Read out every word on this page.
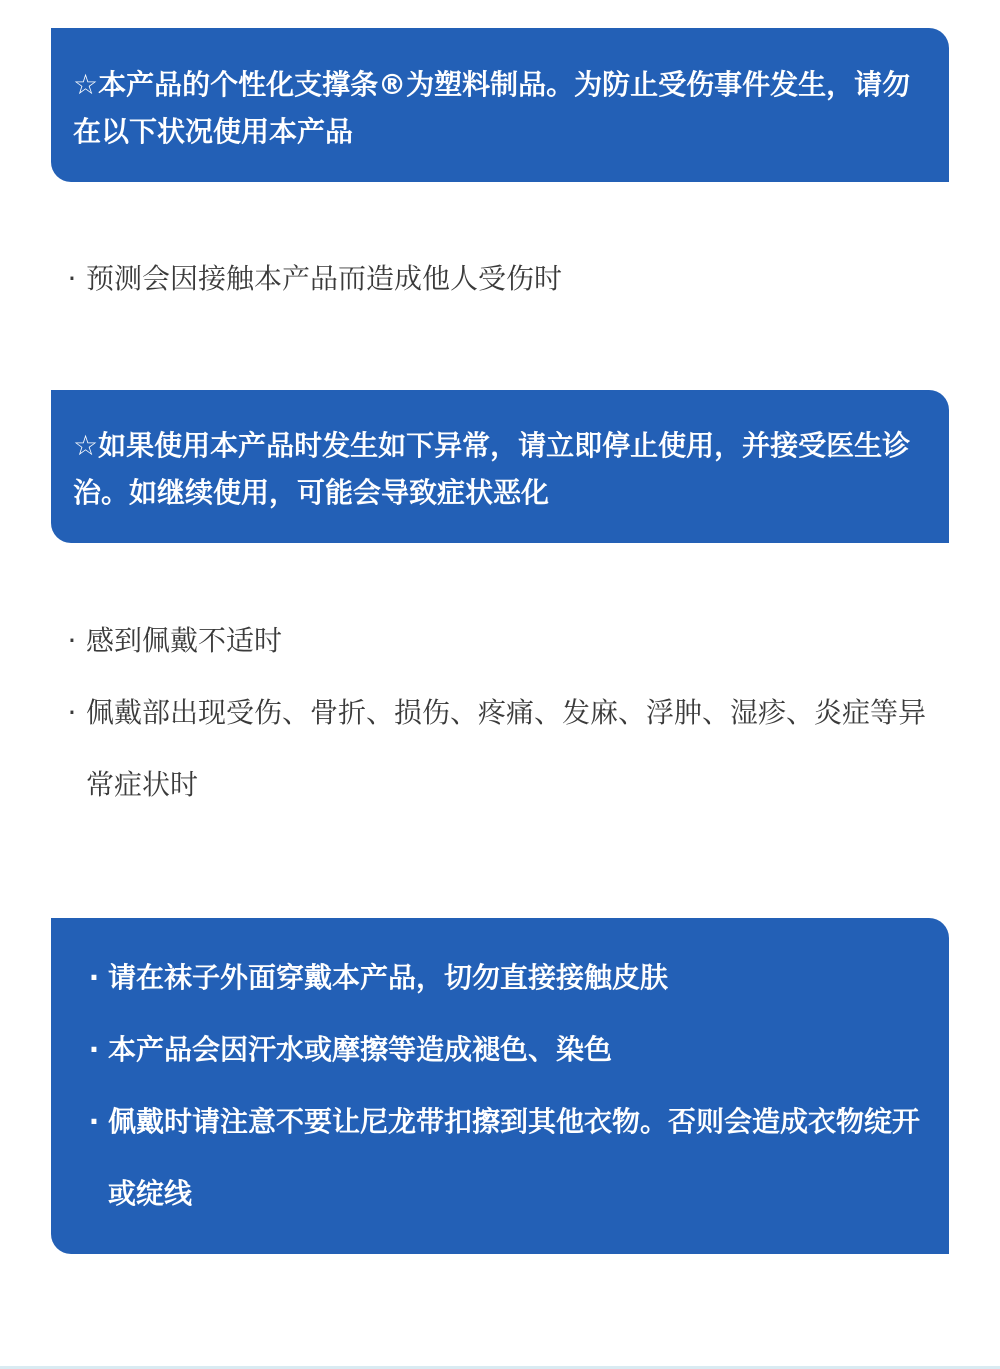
☆本产品的个性化支撑条®为塑料制品。为防止受伤事件发生，请勿在以下状况使用本产品

· 预测会因接触本产品而造成他人受伤时

☆如果使用本产品时发生如下异常，请立即停止使用，并接受医生诊治。如继续使用，可能会导致症状恶化

· 感到佩戴不适时
· 佩戴部出现受伤、骨折、损伤、疼痛、发麻、浮肿、湿疹、炎症等异常症状时
· 请在袜子外面穿戴本产品，切勿直接接触皮肤
· 本产品会因汗水或摩擦等造成褪色、染色
· 佩戴时请注意不要让尼龙带扣擦到其他衣物。否则会造成衣物绽开或绽线
